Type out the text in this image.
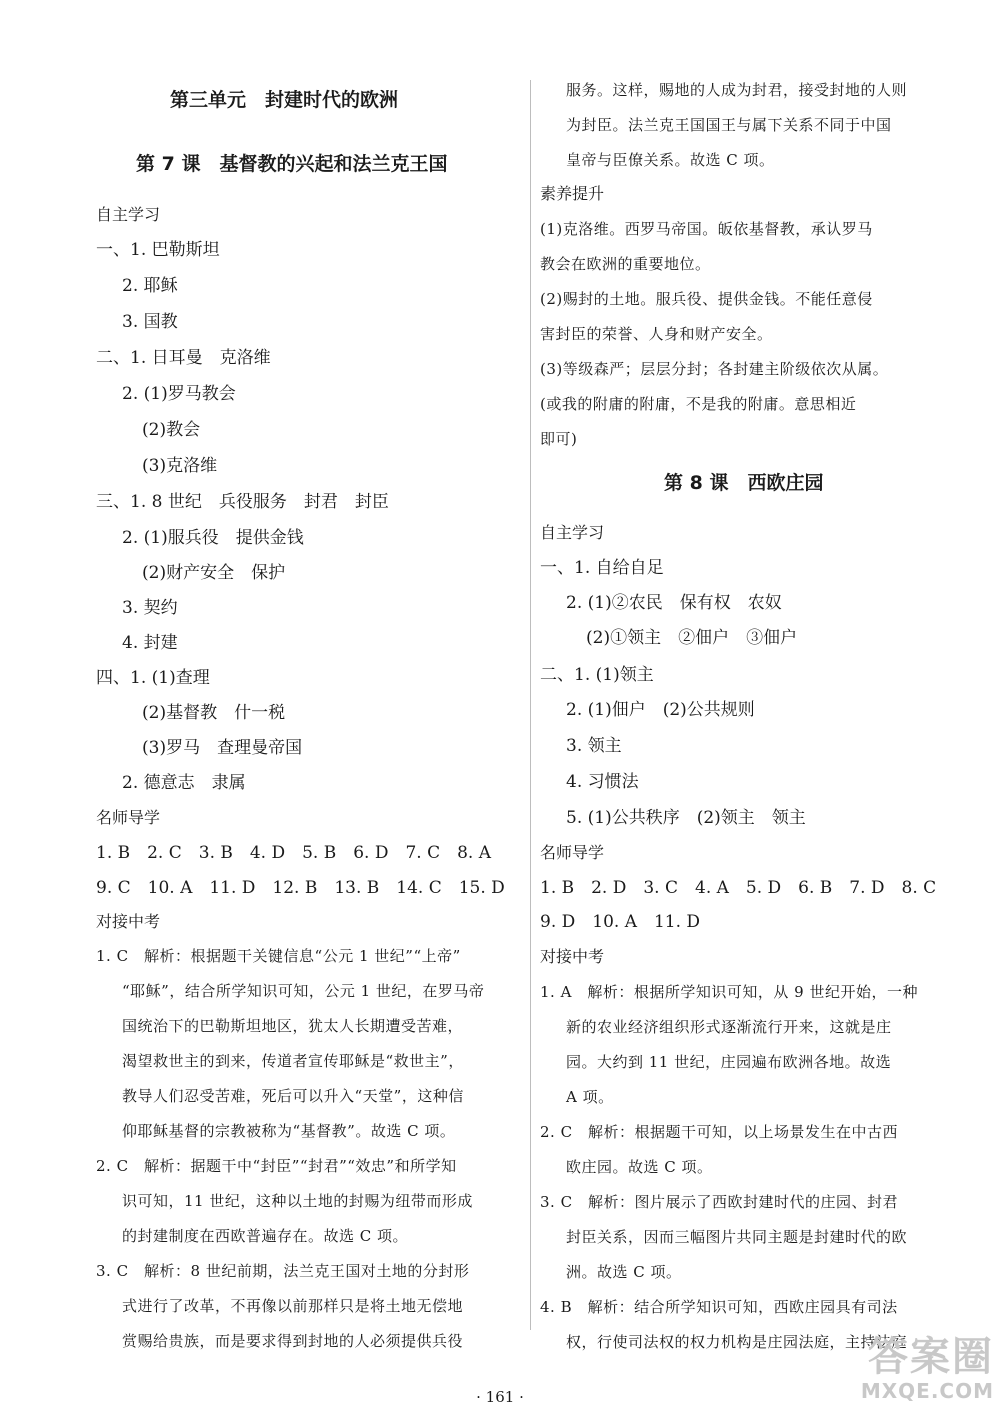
第三单元　封建时代的欧洲
第 7 课　基督教的兴起和法兰克王国
自主学习
一、1. 巴勒斯坦
2. 耶稣
3. 国教
二、1. 日耳曼　克洛维
2. (1)罗马教会
(2)教会
(3)克洛维
三、1. 8 世纪　兵役服务　封君　封臣
2. (1)服兵役　提供金钱
(2)财产安全　保护
3. 契约
4. 封建
四、1. (1)查理
(2)基督教　什一税
(3)罗马　查理曼帝国
2. 德意志　隶属
名师导学
1. B　2. C　3. B　4. D　5. B　6. D　7. C　8. A
9. C　10. A　11. D　12. B　13. B　14. C　15. D
对接中考
1. C　解析：根据题干关键信息“公元 1 世纪”“上帝”
“耶稣”，结合所学知识可知，公元 1 世纪，在罗马帝
国统治下的巴勒斯坦地区，犹太人长期遭受苦难，
渴望救世主的到来，传道者宣传耶稣是“救世主”，
教导人们忍受苦难，死后可以升入“天堂”，这种信
仰耶稣基督的宗教被称为“基督教”。故选 C 项。
2. C　解析：据题干中“封臣”“封君”“效忠”和所学知
识可知，11 世纪，这种以土地的封赐为纽带而形成
的封建制度在西欧普遍存在。故选 C 项。
3. C　解析：8 世纪前期，法兰克王国对土地的分封形
式进行了改革，不再像以前那样只是将土地无偿地
赏赐给贵族，而是要求得到封地的人必须提供兵役
服务。这样，赐地的人成为封君，接受封地的人则
为封臣。法兰克王国国王与属下关系不同于中国
皇帝与臣僚关系。故选 C 项。
素养提升
(1)克洛维。西罗马帝国。皈依基督教，承认罗马
教会在欧洲的重要地位。
(2)赐封的土地。服兵役、提供金钱。不能任意侵
害封臣的荣誉、人身和财产安全。
(3)等级森严；层层分封；各封建主阶级依次从属。
(或我的附庸的附庸，不是我的附庸。意思相近
即可)
第 8 课　西欧庄园
自主学习
一、1. 自给自足
2. (1)②农民　保有权　农奴
(2)①领主　②佃户　③佃户
二、1. (1)领主
2. (1)佃户　(2)公共规则
3. 领主
4. 习惯法
5. (1)公共秩序　(2)领主　领主
名师导学
1. B　2. D　3. C　4. A　5. D　6. B　7. D　8. C
9. D　10. A　11. D
对接中考
1. A　解析：根据所学知识可知，从 9 世纪开始，一种
新的农业经济组织形式逐渐流行开来，这就是庄
园。大约到 11 世纪，庄园遍布欧洲各地。故选
A 项。
2. C　解析：根据题干可知，以上场景发生在中古西
欧庄园。故选 C 项。
3. C　解析：图片展示了西欧封建时代的庄园、封君
封臣关系，因而三幅图片共同主题是封建时代的欧
洲。故选 C 项。
4. B　解析：结合所学知识可知，西欧庄园具有司法
权，行使司法权的权力机构是庄园法庭，主持法庭
· 161 ·
答案圈
MXQE.COM
